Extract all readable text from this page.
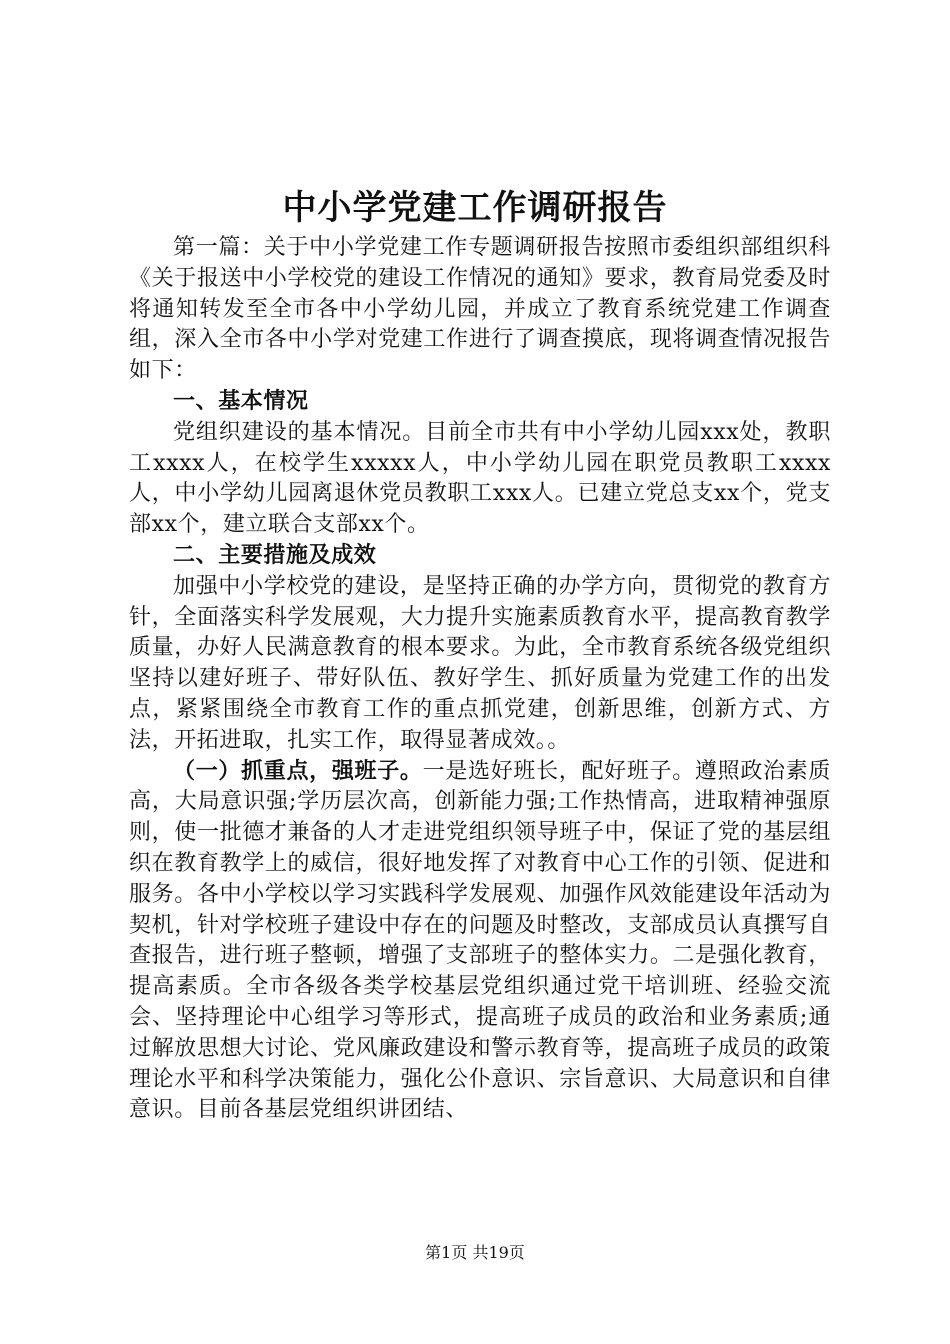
中小学党建工作调研报告

第一篇：关于中小学党建工作专题调研报告按照市委组织部组织科《关于报送中小学校党的建设工作情况的通知》要求，教育局党委及时将通知转发至全市各中小学幼儿园，并成立了教育系统党建工作调查组，深入全市各中小学对党建工作进行了调查摸底，现将调查情况报告如下：

一、基本情况

党组织建设的基本情况。目前全市共有中小学幼儿园xxx处，教职工xxxx人，在校学生xxxxx人，中小学幼儿园在职党员教职工xxxx人，中小学幼儿园离退休党员教职工xxx人。已建立党总支xx个，党支部xx个，建立联合支部xx个。

二、主要措施及成效

加强中小学校党的建设，是坚持正确的办学方向，贯彻党的教育方针，全面落实科学发展观，大力提升实施素质教育水平，提高教育教学质量，办好人民满意教育的根本要求。为此，全市教育系统各级党组织坚持以建好班子、带好队伍、教好学生、抓好质量为党建工作的出发点，紧紧围绕全市教育工作的重点抓党建，创新思维，创新方式、方法，开拓进取，扎实工作，取得显著成效。。

（一）抓重点，强班子。一是选好班长，配好班子。遵照政治素质高，大局意识强;学历层次高，创新能力强;工作热情高，进取精神强原则，使一批德才兼备的人才走进党组织领导班子中，保证了党的基层组织在教育教学上的威信，很好地发挥了对教育中心工作的引领、促进和服务。各中小学校以学习实践科学发展观、加强作风效能建设年活动为契机，针对学校班子建设中存在的问题及时整改，支部成员认真撰写自查报告，进行班子整顿，增强了支部班子的整体实力。二是强化教育，提高素质。全市各级各类学校基层党组织通过党干培训班、经验交流会、坚持理论中心组学习等形式，提高班子成员的政治和业务素质;通过解放思想大讨论、党风廉政建设和警示教育等，提高班子成员的政策理论水平和科学决策能力，强化公仆意识、宗旨意识、大局意识和自律意识。目前各基层党组织讲团结、

第1页 共19页
